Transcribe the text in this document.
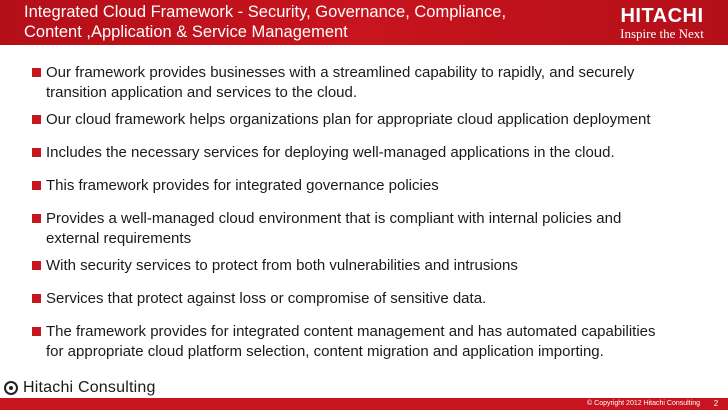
Integrated Cloud Framework - Security, Governance, Compliance,
Content ,Application & Service Management
HITACHI
Inspire the Next
Our framework provides businesses with a streamlined capability to rapidly, and securely
transition application and services to the cloud.
Our cloud framework helps organizations plan for appropriate cloud application deployment
Includes the necessary services for deploying well-managed applications in the cloud.
This framework provides for integrated governance policies
Provides a well-managed cloud environment that is compliant with internal policies and
external requirements
With security services to protect from both vulnerabilities and intrusions
Services that protect against loss or compromise of sensitive data.
The framework provides for integrated content management and has automated capabilities
for appropriate cloud platform selection, content migration and application importing.
Hitachi Consulting
© Copyright 2012 Hitachi Consulting	2
